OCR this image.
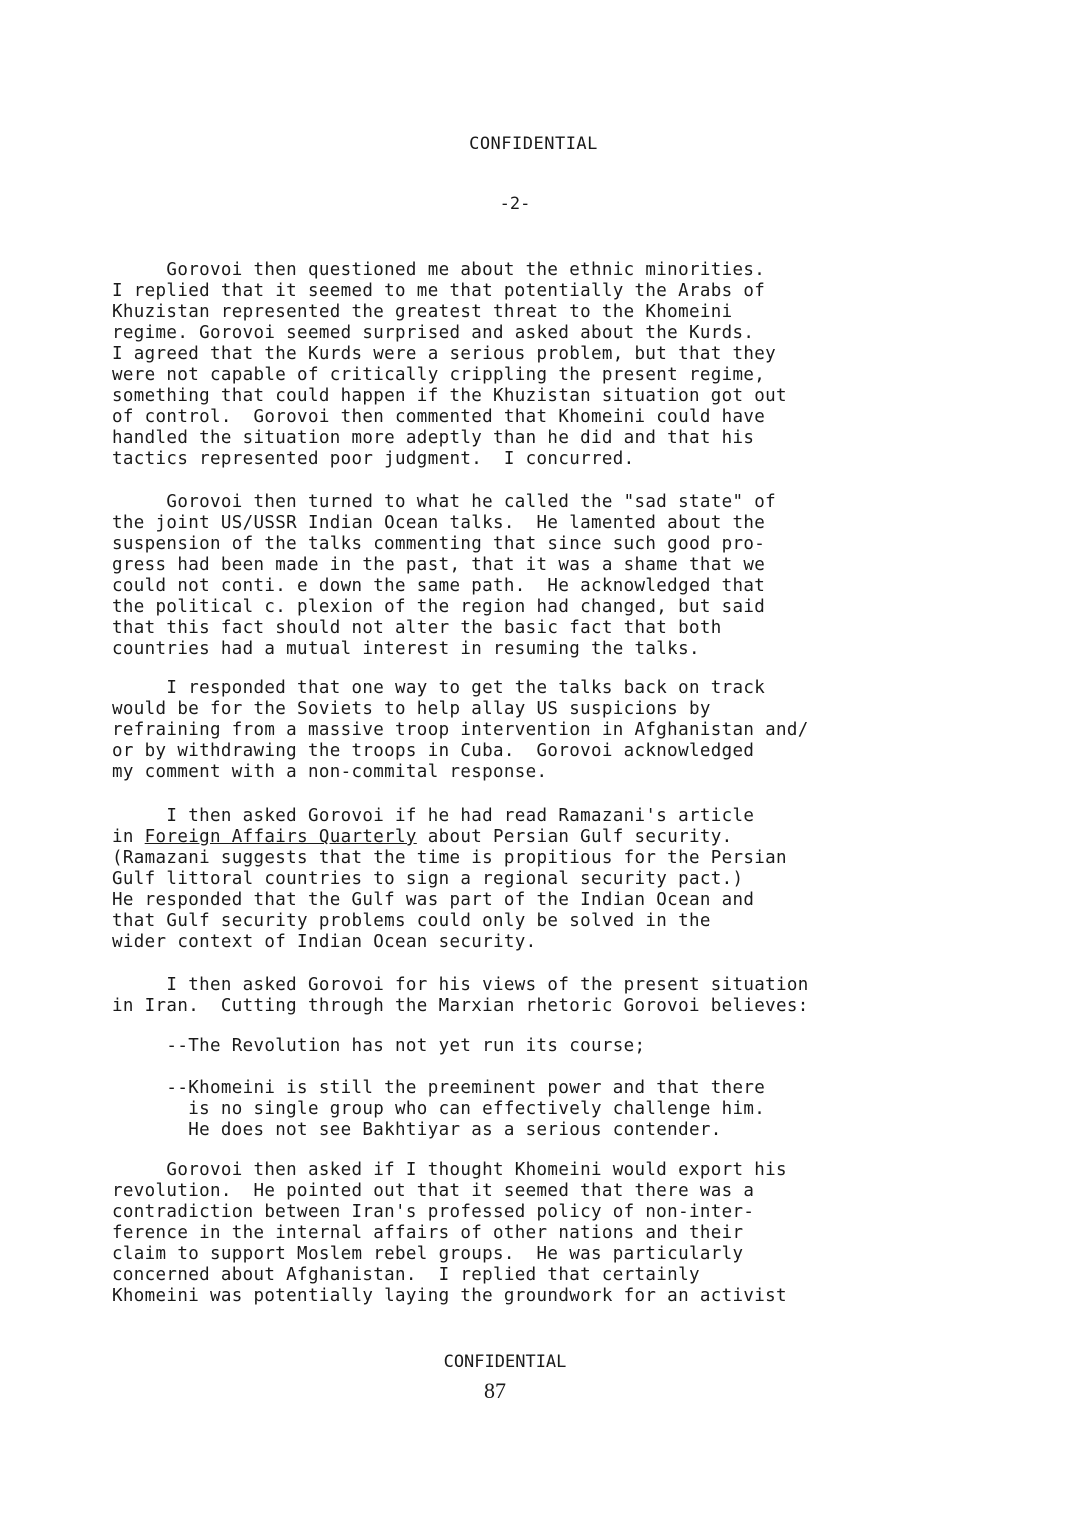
CONFIDENTIAL
-2-
Gorovoi then questioned me about the ethnic minorities.
I replied that it seemed to me that potentially the Arabs of
Khuzistan represented the greatest threat to the Khomeini
regime. Gorovoi seemed surprised and asked about the Kurds.
I agreed that the Kurds were a serious problem, but that they
were not capable of critically crippling the present regime,
something that could happen if the Khuzistan situation got out
of control.  Gorovoi then commented that Khomeini could have
handled the situation more adeptly than he did and that his
tactics represented poor judgment.  I concurred.
Gorovoi then turned to what he called the "sad state" of
the joint US/USSR Indian Ocean talks.  He lamented about the
suspension of the talks commenting that since such good pro-
gress had been made in the past, that it was a shame that we
could not conti. e down the same path.  He acknowledged that
the political c. plexion of the region had changed, but said
that this fact should not alter the basic fact that both
countries had a mutual interest in resuming the talks.
I responded that one way to get the talks back on track
would be for the Soviets to help allay US suspicions by
refraining from a massive troop intervention in Afghanistan and/
or by withdrawing the troops in Cuba.  Gorovoi acknowledged
my comment with a non-commital response.
I then asked Gorovoi if he had read Ramazani's article
in Foreign Affairs Quarterly about Persian Gulf security.
(Ramazani suggests that the time is propitious for the Persian
Gulf littoral countries to sign a regional security pact.)
He responded that the Gulf was part of the Indian Ocean and
that Gulf security problems could only be solved in the
wider context of Indian Ocean security.
I then asked Gorovoi for his views of the present situation
in Iran.  Cutting through the Marxian rhetoric Gorovoi believes:
--The Revolution has not yet run its course;
--Khomeini is still the preeminent power and that there
is no single group who can effectively challenge him.
He does not see Bakhtiyar as a serious contender.
Gorovoi then asked if I thought Khomeini would export his
revolution.  He pointed out that it seemed that there was a
contradiction between Iran's professed policy of non-inter-
ference in the internal affairs of other nations and their
claim to support Moslem rebel groups.  He was particularly
concerned about Afghanistan.  I replied that certainly
Khomeini was potentially laying the groundwork for an activist
CONFIDENTIAL
87
